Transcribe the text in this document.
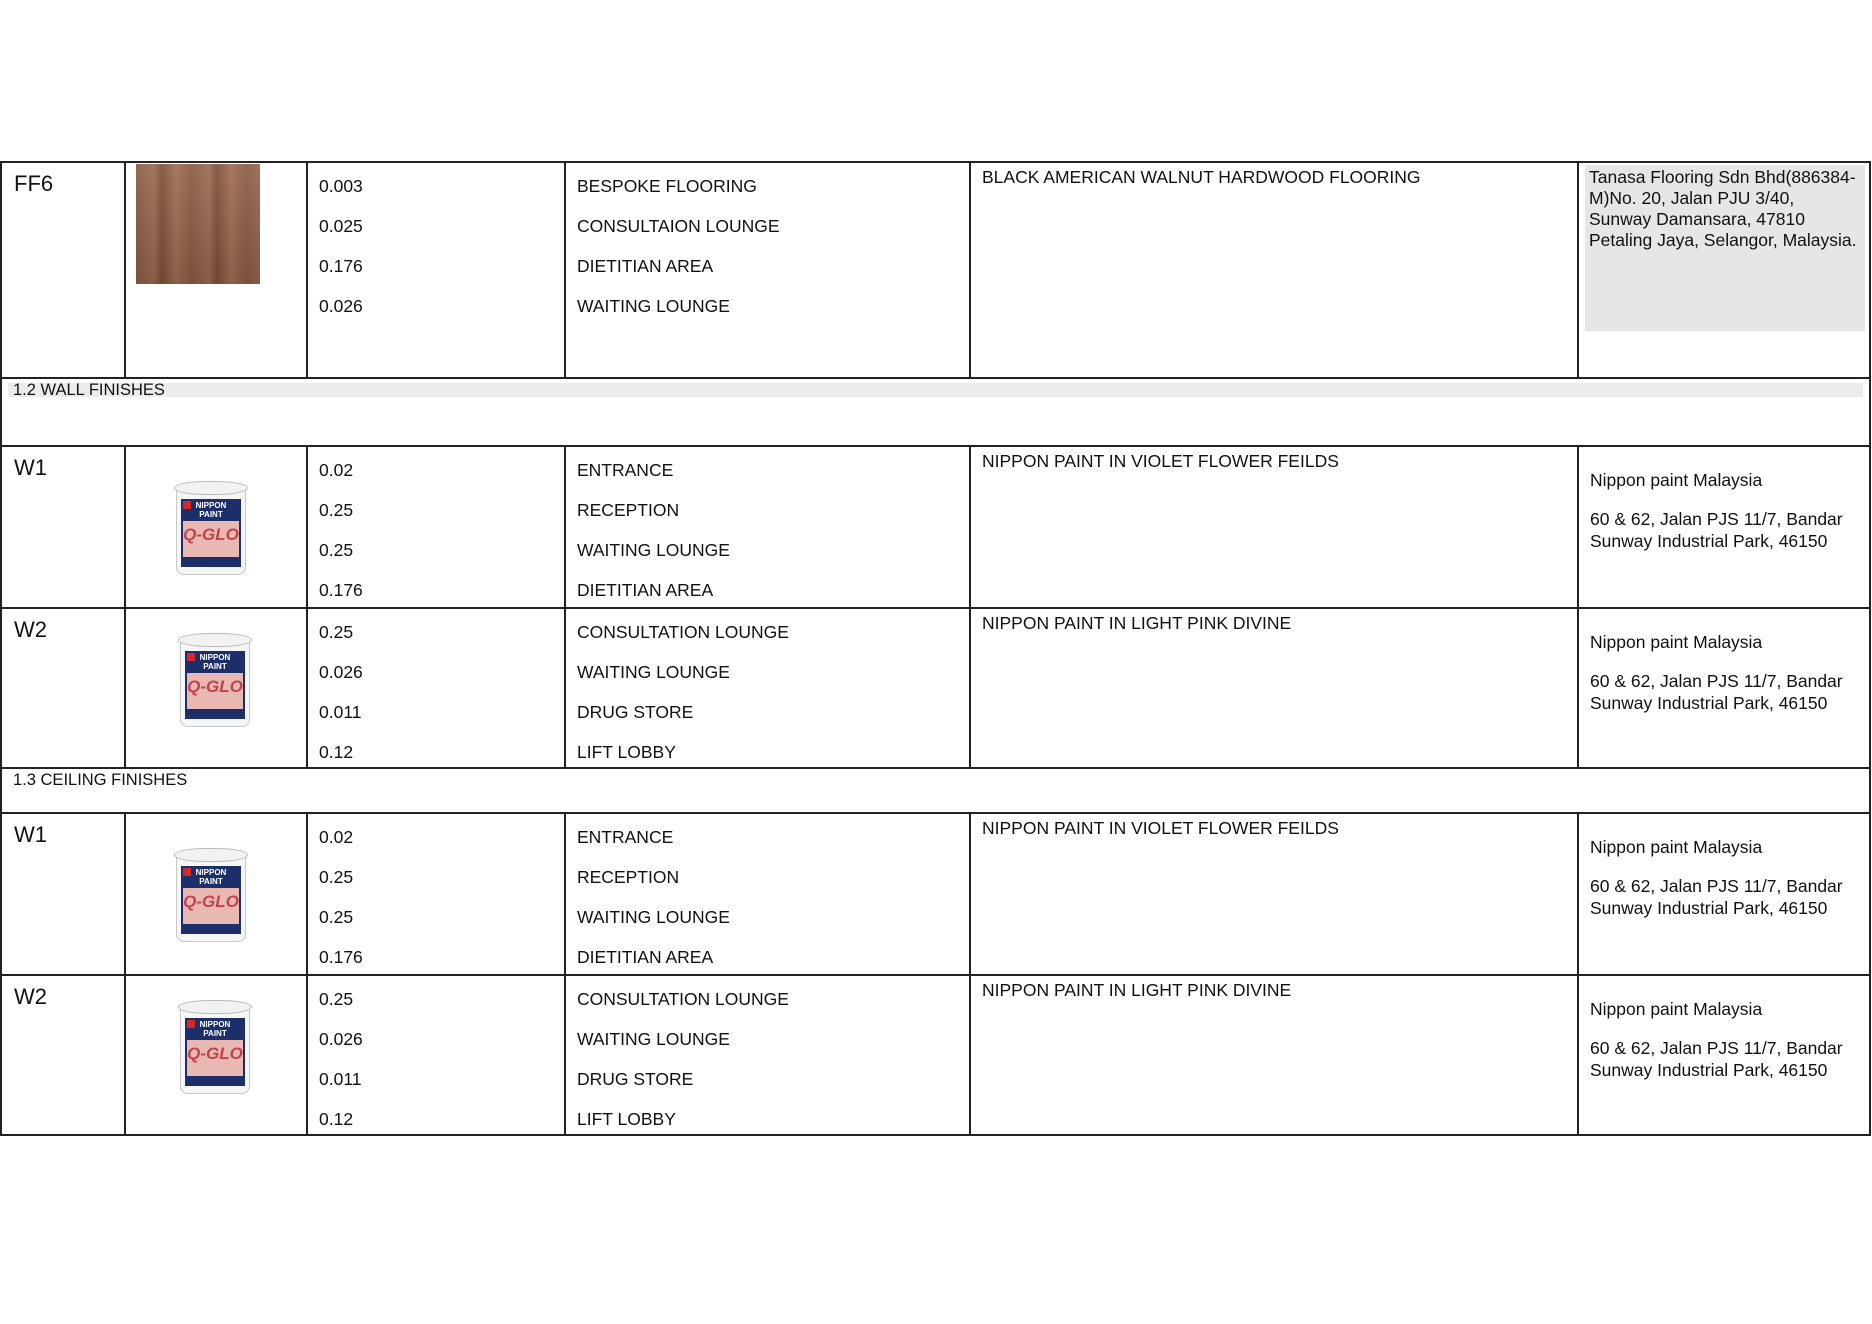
FF6	0.003
0.025
0.176
0.026
BESPOKE FLOORING
CONSULTAION LOUNGE
DIETITIAN AREA
WAITING LOUNGE
BLACK AMERICAN WALNUT HARDWOOD FLOORING	Tanasa Flooring Sdn Bhd(886384-M)No. 20, Jalan PJU 3/40, Sunway Damansara, 47810 Petaling Jaya, Selangor, Malaysia.
1.2 WALL FINISHES
W1
NIPPON PAINT
Q-GLO
0.02
0.25
0.25
0.176
ENTRANCE
RECEPTION
WAITING LOUNGE
DIETITIAN AREA
NIPPON PAINT IN VIOLET FLOWER FEILDS

Nippon paint Malaysia

60 & 62, Jalan PJS 11/7, Bandar Sunway Industrial Park, 46150

W2
NIPPON PAINT
Q-GLO
0.25
0.026
0.011
0.12
CONSULTATION LOUNGE
WAITING LOUNGE
DRUG STORE
LIFT LOBBY
NIPPON PAINT IN LIGHT PINK DIVINE

Nippon paint Malaysia

60 & 62, Jalan PJS 11/7, Bandar Sunway Industrial Park, 46150

1.3 CEILING FINISHES
W1
NIPPON PAINT
Q-GLO
0.02
0.25
0.25
0.176
ENTRANCE
RECEPTION
WAITING LOUNGE
DIETITIAN AREA
NIPPON PAINT IN VIOLET FLOWER FEILDS

Nippon paint Malaysia

60 & 62, Jalan PJS 11/7, Bandar Sunway Industrial Park, 46150

W2
NIPPON PAINT
Q-GLO
0.25
0.026
0.011
0.12
CONSULTATION LOUNGE
WAITING LOUNGE
DRUG STORE
LIFT LOBBY
NIPPON PAINT IN LIGHT PINK DIVINE

Nippon paint Malaysia

60 & 62, Jalan PJS 11/7, Bandar Sunway Industrial Park, 46150
